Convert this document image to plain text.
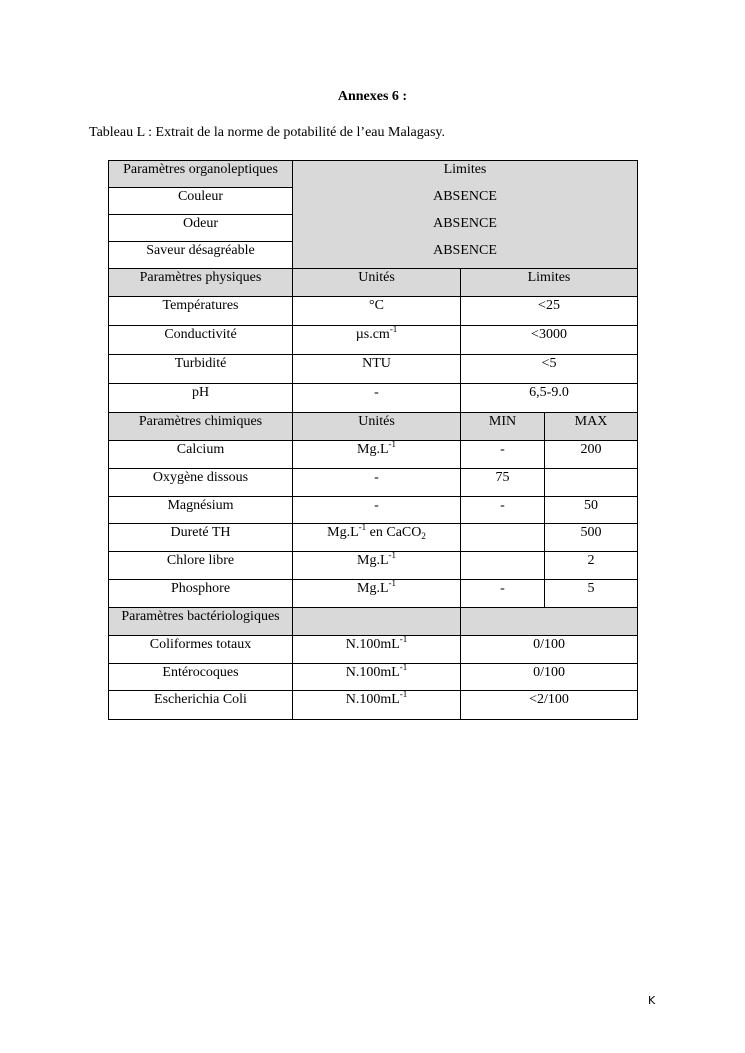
Annexes 6 :
Tableau L : Extrait de la norme de potabilité de l’eau Malagasy.
Paramètres organoleptiques	Limites		
Couleur	ABSENCE		
Odeur	ABSENCE		
Saveur désagréable	ABSENCE		
Paramètres physiques	Unités	Limites	
Températures	°C	<25	
Conductivité	$\mu s.cm^{-1}$	<3000	
Turbidité	NTU	<5	
pH	-	6,5-9.0	
Paramètres chimiques	Unités	MIN	MAX
Calcium	$Mg.L^{-1}$	-	200
Oxygène dissous	-	75	
Magnésium	-	-	50
Dureté TH	$Mg.L^{-1}$ en CaCO$_2$		500
Chlore libre	$Mg.L^{-1}$		2
Phosphore	$Mg.L^{-1}$	-	5
Paramètres bactériologiques			
Coliformes totaux	$N.100mL^{-1}$	0/100	
Entérocoques	$N.100mL^{-1}$	0/100	
Escherichia Coli	$N.100mL^{-1}$	<2/100	
K
